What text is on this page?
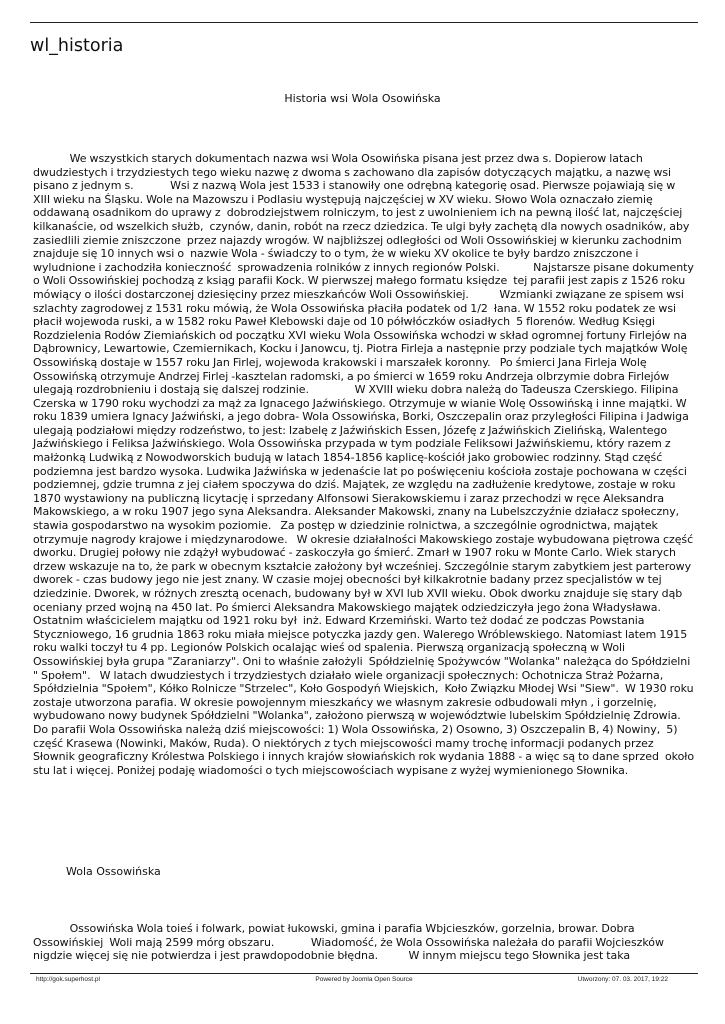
wl_historia
Historia wsi Wola Osowińska

We wszystkich starych dokumentach nazwa wsi Wola Osowińska pisana jest przez dwa s. Dopierow latach dwudziestych i trzydziestych tego wieku nazwę z dwoma s zachowano dla zapisów dotyczących majątku, a nazwę wsi pisano z jednym s.            Wsi z nazwą Wola jest 1533 i stanowiły one odrębną kategorię osad. Pierwsze pojawiają się w XIII wieku na Śląsku. Wole na Mazowszu i Podlasiu występują najczęściej w XV wieku. Słowo Wola oznaczało ziemię oddawaną osadnikom do uprawy z  dobrodziejstwem rolniczym, to jest z uwolnieniem ich na pewną ilość lat, najczęściej kilkanaście, od wszelkich służb,  czynów, danin, robót na rzecz dziedzica. Te ulgi były zachętą dla nowych osadników, aby zasiedlili ziemie zniszczone  przez najazdy wrogów. W najbliższej odległości od Woli Ossowińskiej w kierunku zachodnim znajduje się 10 innych wsi o  nazwie Wola - świadczy to o tym, że w wieku XV okolice te były bardzo zniszczone i wyludnione i zachodziła konieczność  sprowadzenia rolników z innych regionów Polski.           Najstarsze pisane dokumenty o Woli Ossowińskiej pochodzą z ksiąg parafii Kock. W pierwszej małego formatu księdze  tej parafii jest zapis z 1526 roku mówiący o ilości dostarczonej dziesięciny przez mieszkańców Woli Ossowińskiej.          Wzmianki związane ze spisem wsi szlachty zagrodowej z 1531 roku mówią, że Wola Ossowińska płaciła podatek od 1/2  łana. W 1552 roku podatek ze wsi płacił wojewoda ruski, a w 1582 roku Paweł Klebowski daje od 10 półwłóczków osiadłych  5 florenów. Według Księgi Rozdzielenia Rodów Ziemiańskich od początku XVI wieku Wola Ossowińska wchodzi w skład ogromnej fortuny Firlejów na Dąbrownicy, Lewartowie, Czemiernikach, Kocku i Janowcu, tj. Piotra Firleja a następnie przy podziale tych majątków Wolę Ossowińską dostaje w 1557 roku Jan Firlej, wojewoda krakowski i marszałek koronny.   Po śmierci Jana Firleja Wolę Ossowińską otrzymuje Andrzej Firlej -kasztelan radomski, a po śmierci w 1659 roku Andrzeja olbrzymie dobra Firlejów ulegają rozdrobnieniu i dostają się dalszej rodzinie.               W XVIII wieku dobra należą do Tadeusza Czerskiego. Filipina Czerska w 1790 roku wychodzi za mąż za Ignacego Jaźwińskiego. Otrzymuje w wianie Wolę Ossowińską i inne majątki. W roku 1839 umiera Ignacy Jaźwiński, a jego dobra- Wola Ossowińska, Borki, Oszczepalin oraz przyległości Filipina i Jadwiga ulegają podziałowi między rodzeństwo, to jest: Izabelę z Jaźwińskich Essen, Józefę z Jaźwińskich Zielińską, Walentego Jaźwińskiego i Feliksa Jaźwińskiego. Wola Ossowińska przypada w tym podziale Feliksowi Jaźwińskiemu, który razem z małżonką Ludwiką z Nowodworskich budują w latach 1854-1856 kaplicę-kościół jako grobowiec rodzinny. Stąd część podziemna jest bardzo wysoka. Ludwika Jaźwińska w jedenaście lat po poświęceniu kościoła zostaje pochowana w części podziemnej, gdzie trumna z jej ciałem spoczywa do dziś. Majątek, ze względu na zadłużenie kredytowe, zostaje w roku 1870 wystawiony na publiczną licytację i sprzedany Alfonsowi Sierakowskiemu i zaraz przechodzi w ręce Aleksandra Makowskiego, a w roku 1907 jego syna Aleksandra. Aleksander Makowski, znany na Lubelszczyźnie działacz społeczny, stawia gospodarstwo na wysokim poziomie.   Za postęp w dziedzinie rolnictwa, a szczególnie ogrodnictwa, majątek otrzymuje nagrody krajowe i międzynarodowe.   W okresie działalności Makowskiego zostaje wybudowana piętrowa część dworku. Drugiej połowy nie zdążył wybudować - zaskoczyła go śmierć. Zmarł w 1907 roku w Monte Carlo. Wiek starych drzew wskazuje na to, że park w obecnym kształcie założony był wcześniej. Szczególnie starym zabytkiem jest parterowy dworek - czas budowy jego nie jest znany. W czasie mojej obecności był kilkakrotnie badany przez specjalistów w tej dziedzinie. Dworek, w różnych zresztą ocenach, budowany był w XVI lub XVII wieku. Obok dworku znajduje się stary dąb oceniany przed wojną na 450 lat. Po śmierci Aleksandra Makowskiego majątek odziedziczyła jego żona Władysława. Ostatnim właścicielem majątku od 1921 roku był  inż. Edward Krzemiński. Warto też dodać ze podczas Powstania Styczniowego, 16 grudnia 1863 roku miała miejsce potyczka jazdy gen. Walerego Wróblewskiego. Natomiast latem 1915 roku walki toczył tu 4 pp. Legionów Polskich ocalając wieś od spalenia. Pierwszą organizacją społeczną w Woli Ossowińskiej była grupa "Zaraniarzy". Oni to właśnie założyli  Spółdzielnię Spożywców "Wolanka" należąca do Spółdzielni " Społem".   W latach dwudziestych i trzydziestych działało wiele organizacji społecznych: Ochotnicza Straż Pożarna, Spółdzielnia "Społem", Kółko Rolnicze "Strzelec", Koło Gospodyń Wiejskich,  Koło Związku Młodej Wsi "Siew".  W 1930 roku zostaje utworzona parafia. W okresie powojennym mieszkańcy we własnym zakresie odbudowali młyn , i gorzelnię, wybudowano nowy budynek Spółdzielni "Wolanka", założono pierwszą w województwie lubelskim Spółdzielnię Zdrowia.              Do parafii Wola Ossowińska należą dziś miejscowości: 1) Wola Ossowińska, 2) Osowno, 3) Oszczepalin B, 4) Nowiny,  5) część Krasewa (Nowinki, Maków, Ruda). O niektórych z tych miejscowości mamy trochę informacji podanych przez  Słownik geograficzny Królestwa Polskiego i innych krajów słowiańskich rok wydania 1888 - a więc są to dane sprzed  około stu lat i więcej. Poniżej podaję wiadomości o tych miejscowościach wypisane z wyżej wymienionego Słownika.

Wola Ossowińska

Ossowińska Wola toieś i folwark, powiat łukowski, gmina i parafia Wbjcieszków, gorzelnia, browar. Dobra Ossowińskiej  Woli mają 2599 mórg obszaru.            Wiadomość, że Wola Ossowińska należała do parafii Wojcieszków nigdzie więcej się nie potwierdza i jest prawdopodobnie błędna.          W innym miejscu tego Słownika jest taka

http://gok.superhost.pl	Powered by Joomla Open Source	Utworzony: 07. 03. 2017, 19:22
